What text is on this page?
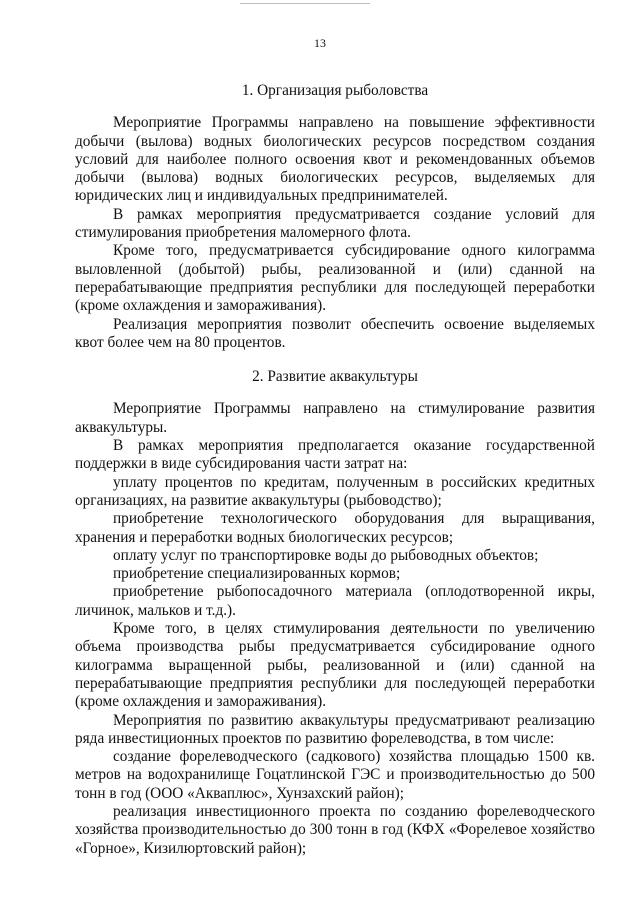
13
1. Организация рыболовства

Мероприятие Программы направлено на повышение эффективности добычи (вылова) водных биологических ресурсов посредством создания условий для наиболее полного освоения квот и рекомендованных объемов добычи (вылова) водных биологических ресурсов, выделяемых для юридических лиц и индивидуальных предпринимателей.

В рамках мероприятия предусматривается создание условий для стимулирования приобретения маломерного флота.

Кроме того, предусматривается субсидирование одного килограмма выловленной (добытой) рыбы, реализованной и (или) сданной на перерабатывающие предприятия республики для последующей переработки (кроме охлаждения и замораживания).

Реализация мероприятия позволит обеспечить освоение выделяемых квот более чем на 80 процентов.

2. Развитие аквакультуры

Мероприятие Программы направлено на стимулирование развития аквакультуры.

В рамках мероприятия предполагается оказание государственной поддержки в виде субсидирования части затрат на:

уплату процентов по кредитам, полученным в российских кредитных организациях, на развитие аквакультуры (рыбоводство);

приобретение технологического оборудования для выращивания, хранения и переработки водных биологических ресурсов;

оплату услуг по транспортировке воды до рыбоводных объектов;

приобретение специализированных кормов;

приобретение рыбопосадочного материала (оплодотворенной икры, личинок, мальков и т.д.).

Кроме того, в целях стимулирования деятельности по увеличению объема производства рыбы предусматривается субсидирование одного килограмма выращенной рыбы, реализованной и (или) сданной на перерабатывающие предприятия республики для последующей переработки (кроме охлаждения и замораживания).

Мероприятия по развитию аквакультуры предусматривают реализацию ряда инвестиционных проектов по развитию форелеводства, в том числе:

создание форелеводческого (садкового) хозяйства площадью 1500 кв. метров на водохранилище Гоцатлинской ГЭС и производительностью до 500 тонн в год (ООО «Акваплюс», Хунзахский район);

реализация инвестиционного проекта по созданию форелеводческого хозяйства производительностью до 300 тонн в год (КФХ «Форелевое хозяйство «Горное», Кизилюртовский район);
